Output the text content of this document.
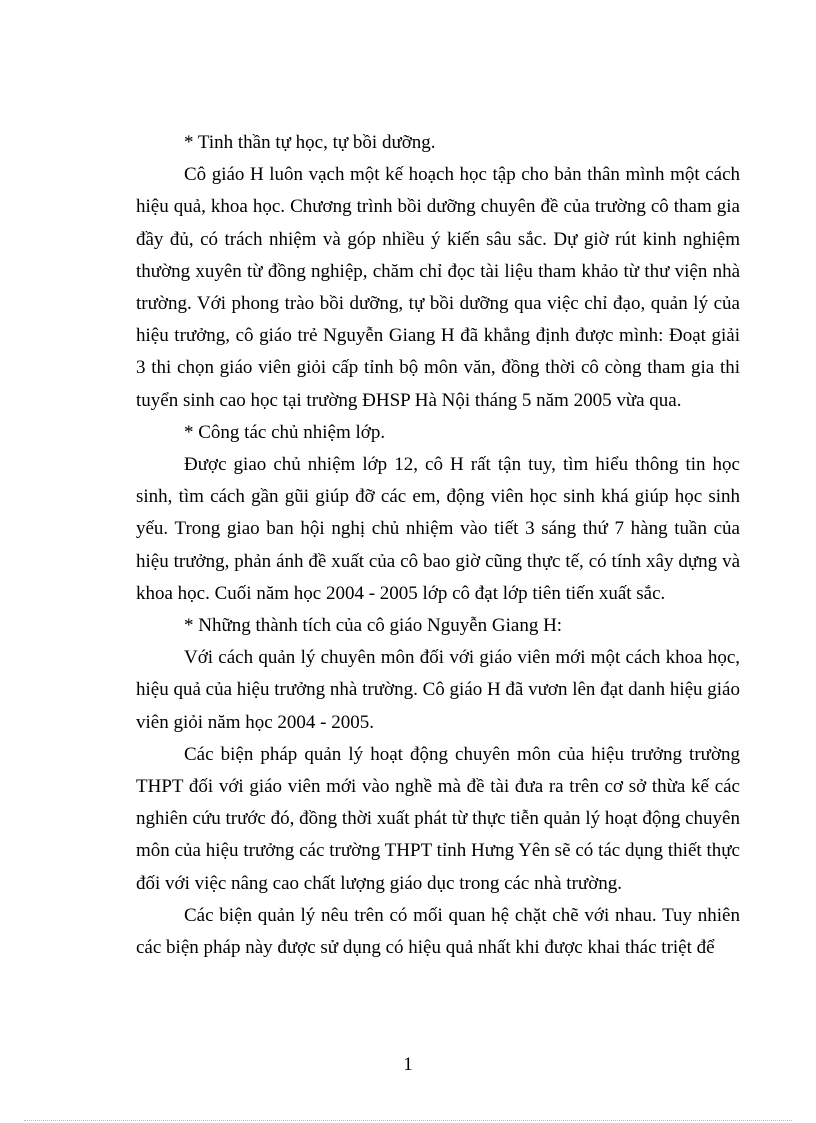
* Tinh thần tự học, tự bồi dưỡng.

Cô giáo H luôn vạch một kế hoạch học tập cho bản thân mình một cách hiệu quả, khoa học. Chương trình bồi dưỡng chuyên đề của trường cô tham gia đầy đủ, có trách nhiệm và góp nhiều ý kiến sâu sắc. Dự giờ rút kinh nghiệm thường xuyên từ đồng nghiệp, chăm chỉ đọc tài liệu tham khảo từ thư viện nhà trường. Với phong trào bồi dưỡng, tự bồi dưỡng qua việc chỉ đạo, quản lý của hiệu trưởng, cô giáo trẻ Nguyễn Giang H đã khẳng định được mình: Đoạt giải 3 thi chọn giáo viên giỏi cấp tỉnh bộ môn văn, đồng thời cô còng tham gia thi tuyển sinh cao học tại trường ĐHSP Hà Nội tháng 5 năm 2005 vừa qua.

* Công tác chủ nhiệm lớp.

Được giao chủ nhiệm lớp 12, cô H rất tận tuy, tìm hiểu thông tin học sinh, tìm cách gần gũi giúp đỡ các em, động viên học sinh khá giúp học sinh yếu. Trong giao ban hội nghị chủ nhiệm vào tiết 3 sáng thứ 7 hàng tuần của hiệu trưởng, phản ánh đề xuất của cô bao giờ cũng thực tế, có tính xây dựng và khoa học. Cuối năm học 2004 - 2005 lớp cô đạt lớp tiên tiến xuất sắc.

* Những thành tích của cô giáo Nguyễn Giang H:

Với cách quản lý chuyên môn đối với giáo viên mới một cách khoa học, hiệu quả của hiệu trưởng nhà trường. Cô giáo H đã vươn lên đạt danh hiệu giáo viên giỏi năm học 2004 - 2005.

Các biện pháp quản lý hoạt động chuyên môn của hiệu trưởng trường THPT đối với giáo viên mới vào nghề mà đề tài đưa ra trên cơ sở thừa kế các nghiên cứu trước đó, đồng thời xuất phát từ thực tiễn quản lý hoạt động chuyên môn của hiệu trưởng các trường THPT tỉnh Hưng Yên sẽ có tác dụng thiết thực đối với việc nâng cao chất lượng giáo dục trong các nhà trường.

Các biện quản lý nêu trên có mối quan hệ chặt chẽ với nhau. Tuy nhiên các biện pháp này được sử dụng có hiệu quả nhất khi được khai thác triệt để

1
